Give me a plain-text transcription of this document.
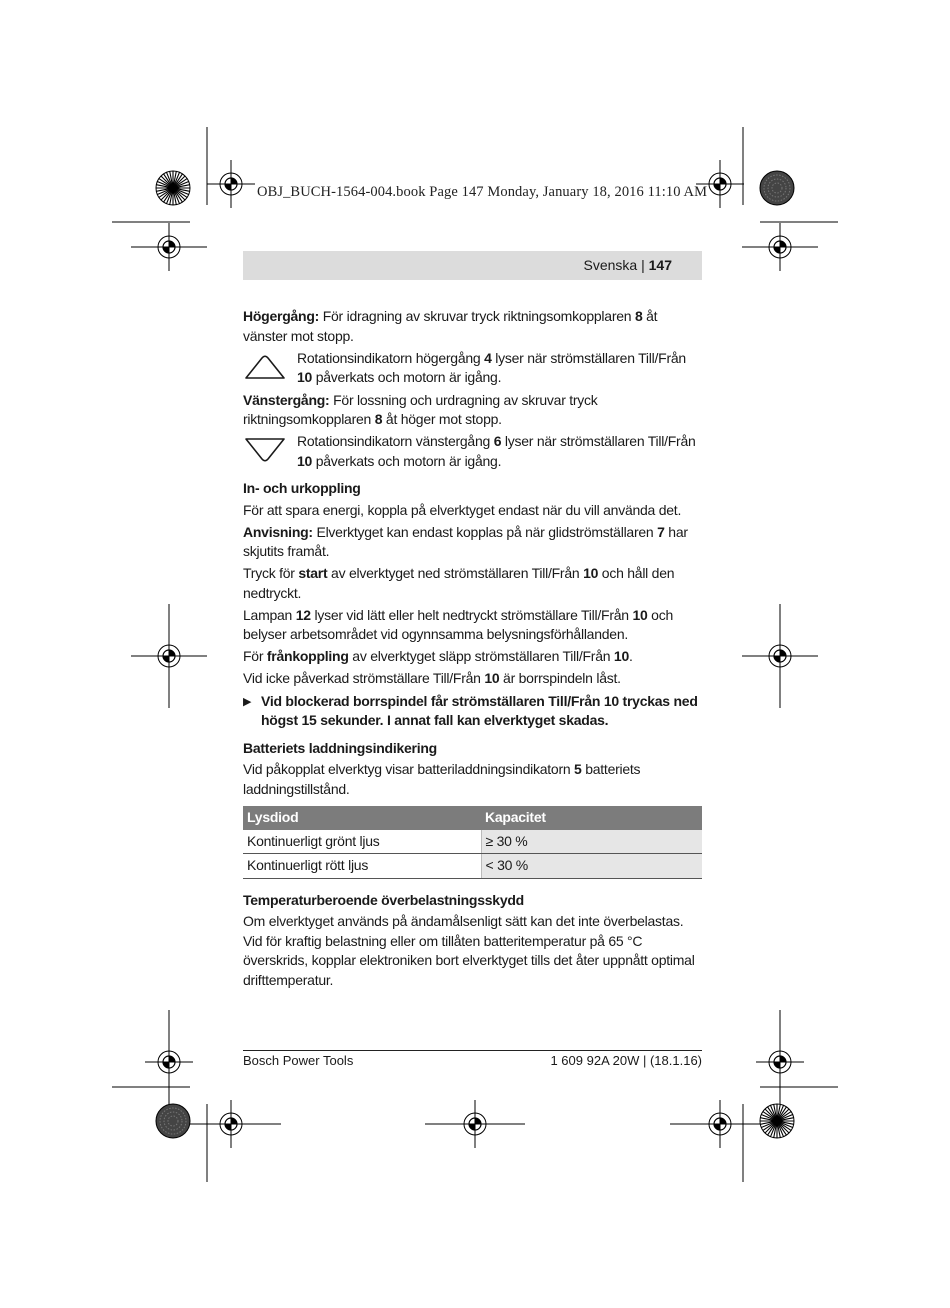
OBJ_BUCH-1564-004.book Page 147 Monday, January 18, 2016 11:10 AM
Svenska | 147

Högergång: För idragning av skruvar tryck riktningsomkopplaren 8 åt vänster mot stopp.

Rotationsindikatorn högergång 4 lyser när strömställaren Till/Från 10 påverkats och motorn är igång.

Vänstergång: För lossning och urdragning av skruvar tryck riktningsomkopplaren 8 åt höger mot stopp.

Rotationsindikatorn vänstergång 6 lyser när strömställaren Till/Från 10 påverkats och motorn är igång.
In- och urkoppling

För att spara energi, koppla på elverktyget endast när du vill använda det.

Anvisning: Elverktyget kan endast kopplas på när glidströmställaren 7 har skjutits framåt.

Tryck för start av elverktyget ned strömställaren Till/Från 10 och håll den nedtryckt.

Lampan 12 lyser vid lätt eller helt nedtryckt strömställare Till/Från 10 och belyser arbetsområdet vid ogynnsamma belysningsförhållanden.

För frånkoppling av elverktyget släpp strömställaren Till/Från 10.

Vid icke påverkad strömställare Till/Från 10 är borrspindeln låst.

▶ Vid blockerad borrspindel får strömställaren Till/Från 10 tryckas ned högst 15 sekunder. I annat fall kan elverktyget skadas.
Batteriets laddningsindikering

Vid påkopplat elverktyg visar batteriladdningsindikatorn 5 batteriets laddningstillstånd.

Lysdiod	Kapacitet
Kontinuerligt grönt ljus	≥ 30 %
Kontinuerligt rött ljus	< 30 %
Temperaturberoende överbelastningsskydd

Om elverktyget används på ändamålsenligt sätt kan det inte överbelastas. Vid för kraftig belastning eller om tillåten batteritemperatur på 65 °C överskrids, kopplar elektroniken bort elverktyget tills det åter uppnått optimal drifttemperatur.

Bosch Power Tools	1 609 92A 20W | (18.1.16)
